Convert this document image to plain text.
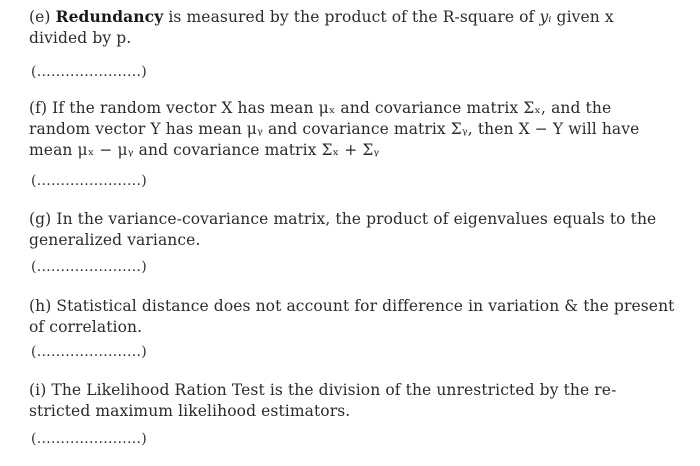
(e) Redundancy is measured by the product of the R-square of yᵢ given x
divided by p.
(......................)
(f) If the random vector X has mean μₓ and covariance matrix Σₓ, and the
random vector Y has mean μᵧ and covariance matrix Σᵧ, then X − Y will have
mean μₓ − μᵧ and covariance matrix Σₓ + Σᵧ
(......................)
(g) In the variance-covariance matrix, the product of eigenvalues equals to the
generalized variance.
(......................)
(h) Statistical distance does not account for difference in variation & the present
of correlation.
(......................)
(i) The Likelihood Ration Test is the division of the unrestricted by the re-
stricted maximum likelihood estimators.
(......................)
